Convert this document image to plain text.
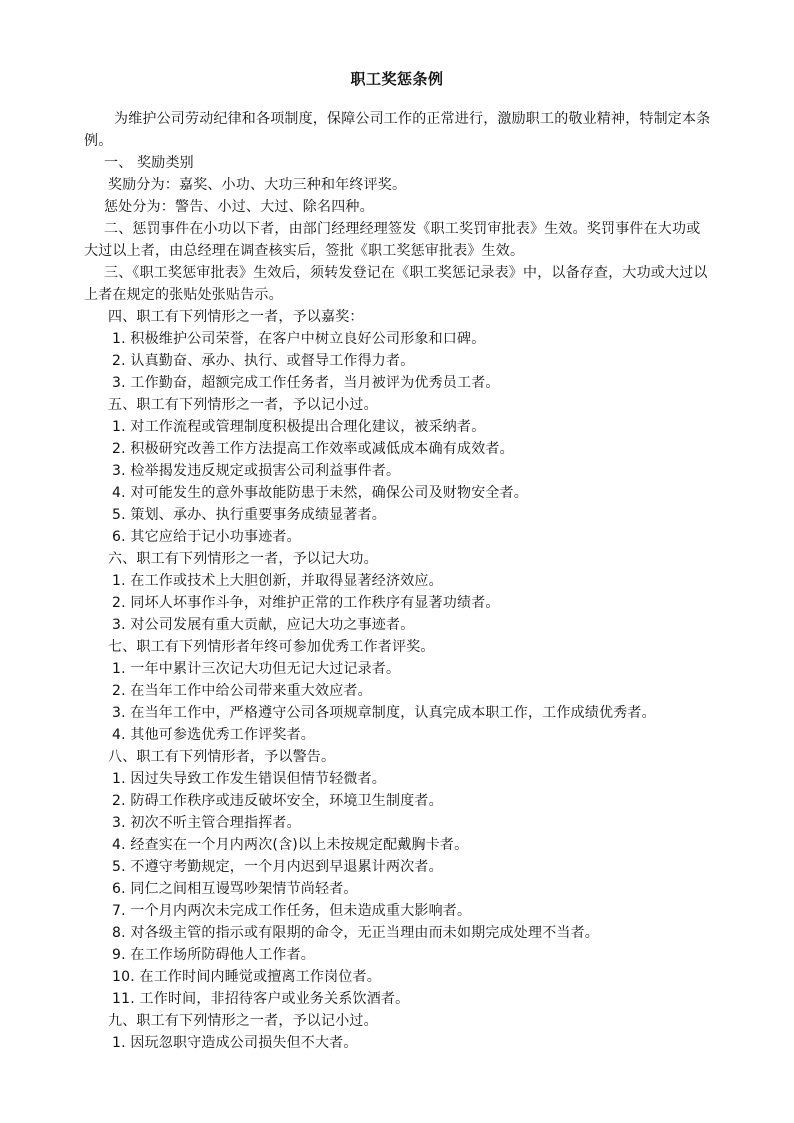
职工奖惩条例
为维护公司劳动纪律和各项制度，保障公司工作的正常进行，激励职工的敬业精神，特制定本条例。
一、 奖励类别
奖励分为：嘉奖、小功、大功三种和年终评奖。
惩处分为：警告、小过、大过、除名四种。
二、惩罚事件在小功以下者，由部门经理经理签发《职工奖罚审批表》生效。奖罚事件在大功或大过以上者，由总经理在调查核实后，签批《职工奖惩审批表》生效。
三、《职工奖惩审批表》生效后，须转发登记在《职工奖惩记录表》中，以备存查，大功或大过以上者在规定的张贴处张贴告示。
四、职工有下列情形之一者，予以嘉奖：
1. 积极维护公司荣誉，在客户中树立良好公司形象和口碑。
2. 认真勤奋、承办、执行、或督导工作得力者。
3. 工作勤奋，超额完成工作任务者，当月被评为优秀员工者。
五、职工有下列情形之一者，予以记小过。
1. 对工作流程或管理制度积极提出合理化建议，被采纳者。
2. 积极研究改善工作方法提高工作效率或减低成本确有成效者。
3. 检举揭发违反规定或损害公司利益事件者。
4. 对可能发生的意外事故能防患于未然，确保公司及财物安全者。
5. 策划、承办、执行重要事务成绩显著者。
6. 其它应给于记小功事迹者。
六、职工有下列情形之一者，予以记大功。
1. 在工作或技术上大胆创新，并取得显著经济效应。
2. 同坏人坏事作斗争，对维护正常的工作秩序有显著功绩者。
3. 对公司发展有重大贡献，应记大功之事迹者。
七、职工有下列情形者年终可参加优秀工作者评奖。
1. 一年中累计三次记大功但无记大过记录者。
2. 在当年工作中给公司带来重大效应者。
3. 在当年工作中，严格遵守公司各项规章制度，认真完成本职工作，工作成绩优秀者。
4. 其他可参选优秀工作评奖者。
八、职工有下列情形者，予以警告。
1. 因过失导致工作发生错误但情节轻微者。
2. 防碍工作秩序或违反破坏安全，环境卫生制度者。
3. 初次不听主管合理指挥者。
4. 经查实在一个月内两次(含)以上未按规定配戴胸卡者。
5. 不遵守考勤规定，一个月内迟到早退累计两次者。
6. 同仁之间相互谩骂吵架情节尚轻者。
7. 一个月内两次未完成工作任务，但未造成重大影响者。
8. 对各级主管的指示或有限期的命令，无正当理由而未如期完成处理不当者。
9. 在工作场所防碍他人工作者。
10. 在工作时间内睡觉或擅离工作岗位者。
11. 工作时间，非招待客户或业务关系饮酒者。
九、职工有下列情形之一者，予以记小过。
1. 因玩忽职守造成公司损失但不大者。
